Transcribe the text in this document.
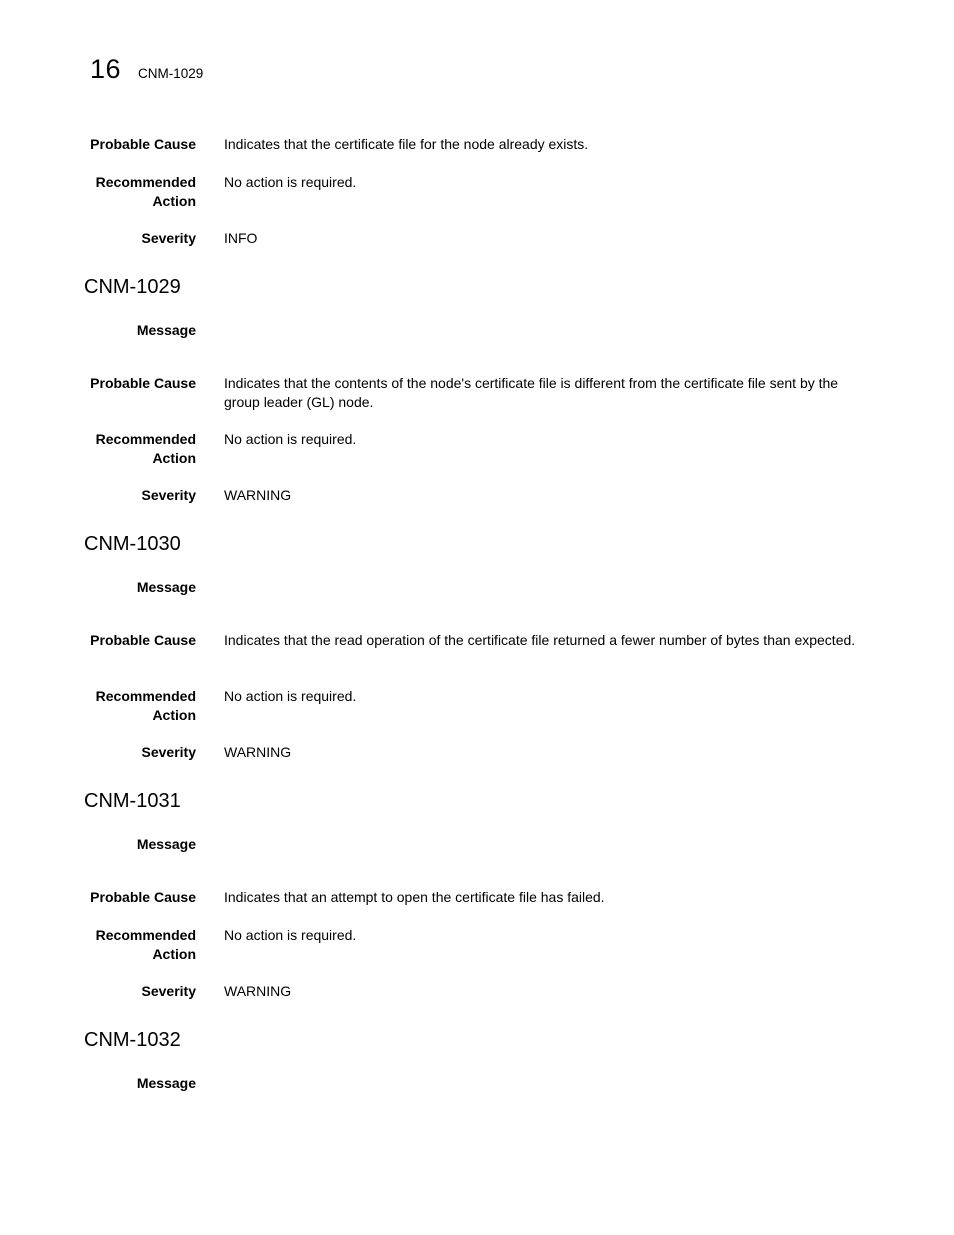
16 CNM-1029
Probable Cause Indicates that the certificate file for the node already exists.
Recommended
Action
No action is required.
Severity INFO
CNM-1029
Message
Probable Cause Indicates that the contents of the node's certificate file is different from the certificate file sent by the group leader (GL) node.
Recommended
Action
No action is required.
Severity WARNING
CNM-1030
Message
Probable Cause Indicates that the read operation of the certificate file returned a fewer number of bytes than expected.
Recommended
Action
No action is required.
Severity WARNING
CNM-1031
Message
Probable Cause Indicates that an attempt to open the certificate file has failed.
Recommended
Action
No action is required.
Severity WARNING
CNM-1032
Message
